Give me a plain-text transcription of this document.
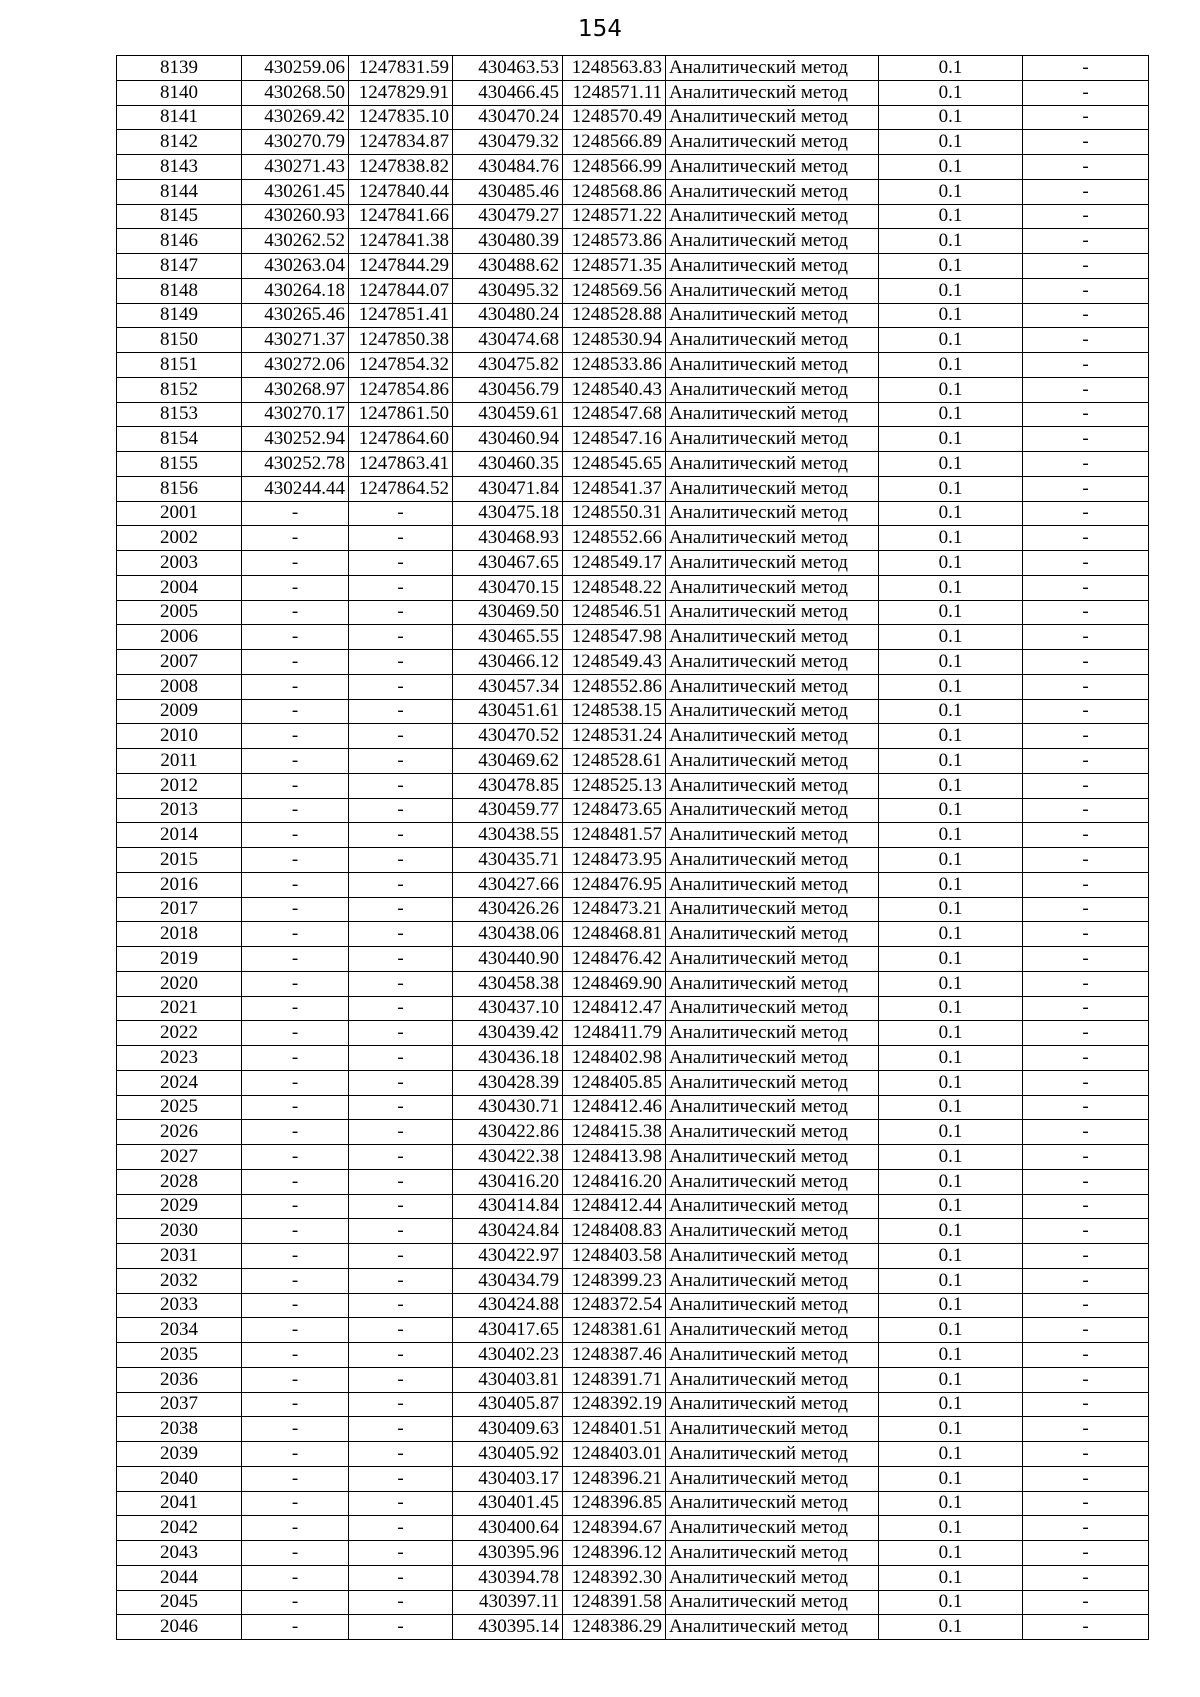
154
8139	430259.06	1247831.59	430463.53	1248563.83	Аналитический метод	0.1	-
8140	430268.50	1247829.91	430466.45	1248571.11	Аналитический метод	0.1	-
8141	430269.42	1247835.10	430470.24	1248570.49	Аналитический метод	0.1	-
8142	430270.79	1247834.87	430479.32	1248566.89	Аналитический метод	0.1	-
8143	430271.43	1247838.82	430484.76	1248566.99	Аналитический метод	0.1	-
8144	430261.45	1247840.44	430485.46	1248568.86	Аналитический метод	0.1	-
8145	430260.93	1247841.66	430479.27	1248571.22	Аналитический метод	0.1	-
8146	430262.52	1247841.38	430480.39	1248573.86	Аналитический метод	0.1	-
8147	430263.04	1247844.29	430488.62	1248571.35	Аналитический метод	0.1	-
8148	430264.18	1247844.07	430495.32	1248569.56	Аналитический метод	0.1	-
8149	430265.46	1247851.41	430480.24	1248528.88	Аналитический метод	0.1	-
8150	430271.37	1247850.38	430474.68	1248530.94	Аналитический метод	0.1	-
8151	430272.06	1247854.32	430475.82	1248533.86	Аналитический метод	0.1	-
8152	430268.97	1247854.86	430456.79	1248540.43	Аналитический метод	0.1	-
8153	430270.17	1247861.50	430459.61	1248547.68	Аналитический метод	0.1	-
8154	430252.94	1247864.60	430460.94	1248547.16	Аналитический метод	0.1	-
8155	430252.78	1247863.41	430460.35	1248545.65	Аналитический метод	0.1	-
8156	430244.44	1247864.52	430471.84	1248541.37	Аналитический метод	0.1	-
2001	-	-	430475.18	1248550.31	Аналитический метод	0.1	-
2002	-	-	430468.93	1248552.66	Аналитический метод	0.1	-
2003	-	-	430467.65	1248549.17	Аналитический метод	0.1	-
2004	-	-	430470.15	1248548.22	Аналитический метод	0.1	-
2005	-	-	430469.50	1248546.51	Аналитический метод	0.1	-
2006	-	-	430465.55	1248547.98	Аналитический метод	0.1	-
2007	-	-	430466.12	1248549.43	Аналитический метод	0.1	-
2008	-	-	430457.34	1248552.86	Аналитический метод	0.1	-
2009	-	-	430451.61	1248538.15	Аналитический метод	0.1	-
2010	-	-	430470.52	1248531.24	Аналитический метод	0.1	-
2011	-	-	430469.62	1248528.61	Аналитический метод	0.1	-
2012	-	-	430478.85	1248525.13	Аналитический метод	0.1	-
2013	-	-	430459.77	1248473.65	Аналитический метод	0.1	-
2014	-	-	430438.55	1248481.57	Аналитический метод	0.1	-
2015	-	-	430435.71	1248473.95	Аналитический метод	0.1	-
2016	-	-	430427.66	1248476.95	Аналитический метод	0.1	-
2017	-	-	430426.26	1248473.21	Аналитический метод	0.1	-
2018	-	-	430438.06	1248468.81	Аналитический метод	0.1	-
2019	-	-	430440.90	1248476.42	Аналитический метод	0.1	-
2020	-	-	430458.38	1248469.90	Аналитический метод	0.1	-
2021	-	-	430437.10	1248412.47	Аналитический метод	0.1	-
2022	-	-	430439.42	1248411.79	Аналитический метод	0.1	-
2023	-	-	430436.18	1248402.98	Аналитический метод	0.1	-
2024	-	-	430428.39	1248405.85	Аналитический метод	0.1	-
2025	-	-	430430.71	1248412.46	Аналитический метод	0.1	-
2026	-	-	430422.86	1248415.38	Аналитический метод	0.1	-
2027	-	-	430422.38	1248413.98	Аналитический метод	0.1	-
2028	-	-	430416.20	1248416.20	Аналитический метод	0.1	-
2029	-	-	430414.84	1248412.44	Аналитический метод	0.1	-
2030	-	-	430424.84	1248408.83	Аналитический метод	0.1	-
2031	-	-	430422.97	1248403.58	Аналитический метод	0.1	-
2032	-	-	430434.79	1248399.23	Аналитический метод	0.1	-
2033	-	-	430424.88	1248372.54	Аналитический метод	0.1	-
2034	-	-	430417.65	1248381.61	Аналитический метод	0.1	-
2035	-	-	430402.23	1248387.46	Аналитический метод	0.1	-
2036	-	-	430403.81	1248391.71	Аналитический метод	0.1	-
2037	-	-	430405.87	1248392.19	Аналитический метод	0.1	-
2038	-	-	430409.63	1248401.51	Аналитический метод	0.1	-
2039	-	-	430405.92	1248403.01	Аналитический метод	0.1	-
2040	-	-	430403.17	1248396.21	Аналитический метод	0.1	-
2041	-	-	430401.45	1248396.85	Аналитический метод	0.1	-
2042	-	-	430400.64	1248394.67	Аналитический метод	0.1	-
2043	-	-	430395.96	1248396.12	Аналитический метод	0.1	-
2044	-	-	430394.78	1248392.30	Аналитический метод	0.1	-
2045	-	-	430397.11	1248391.58	Аналитический метод	0.1	-
2046	-	-	430395.14	1248386.29	Аналитический метод	0.1	-
